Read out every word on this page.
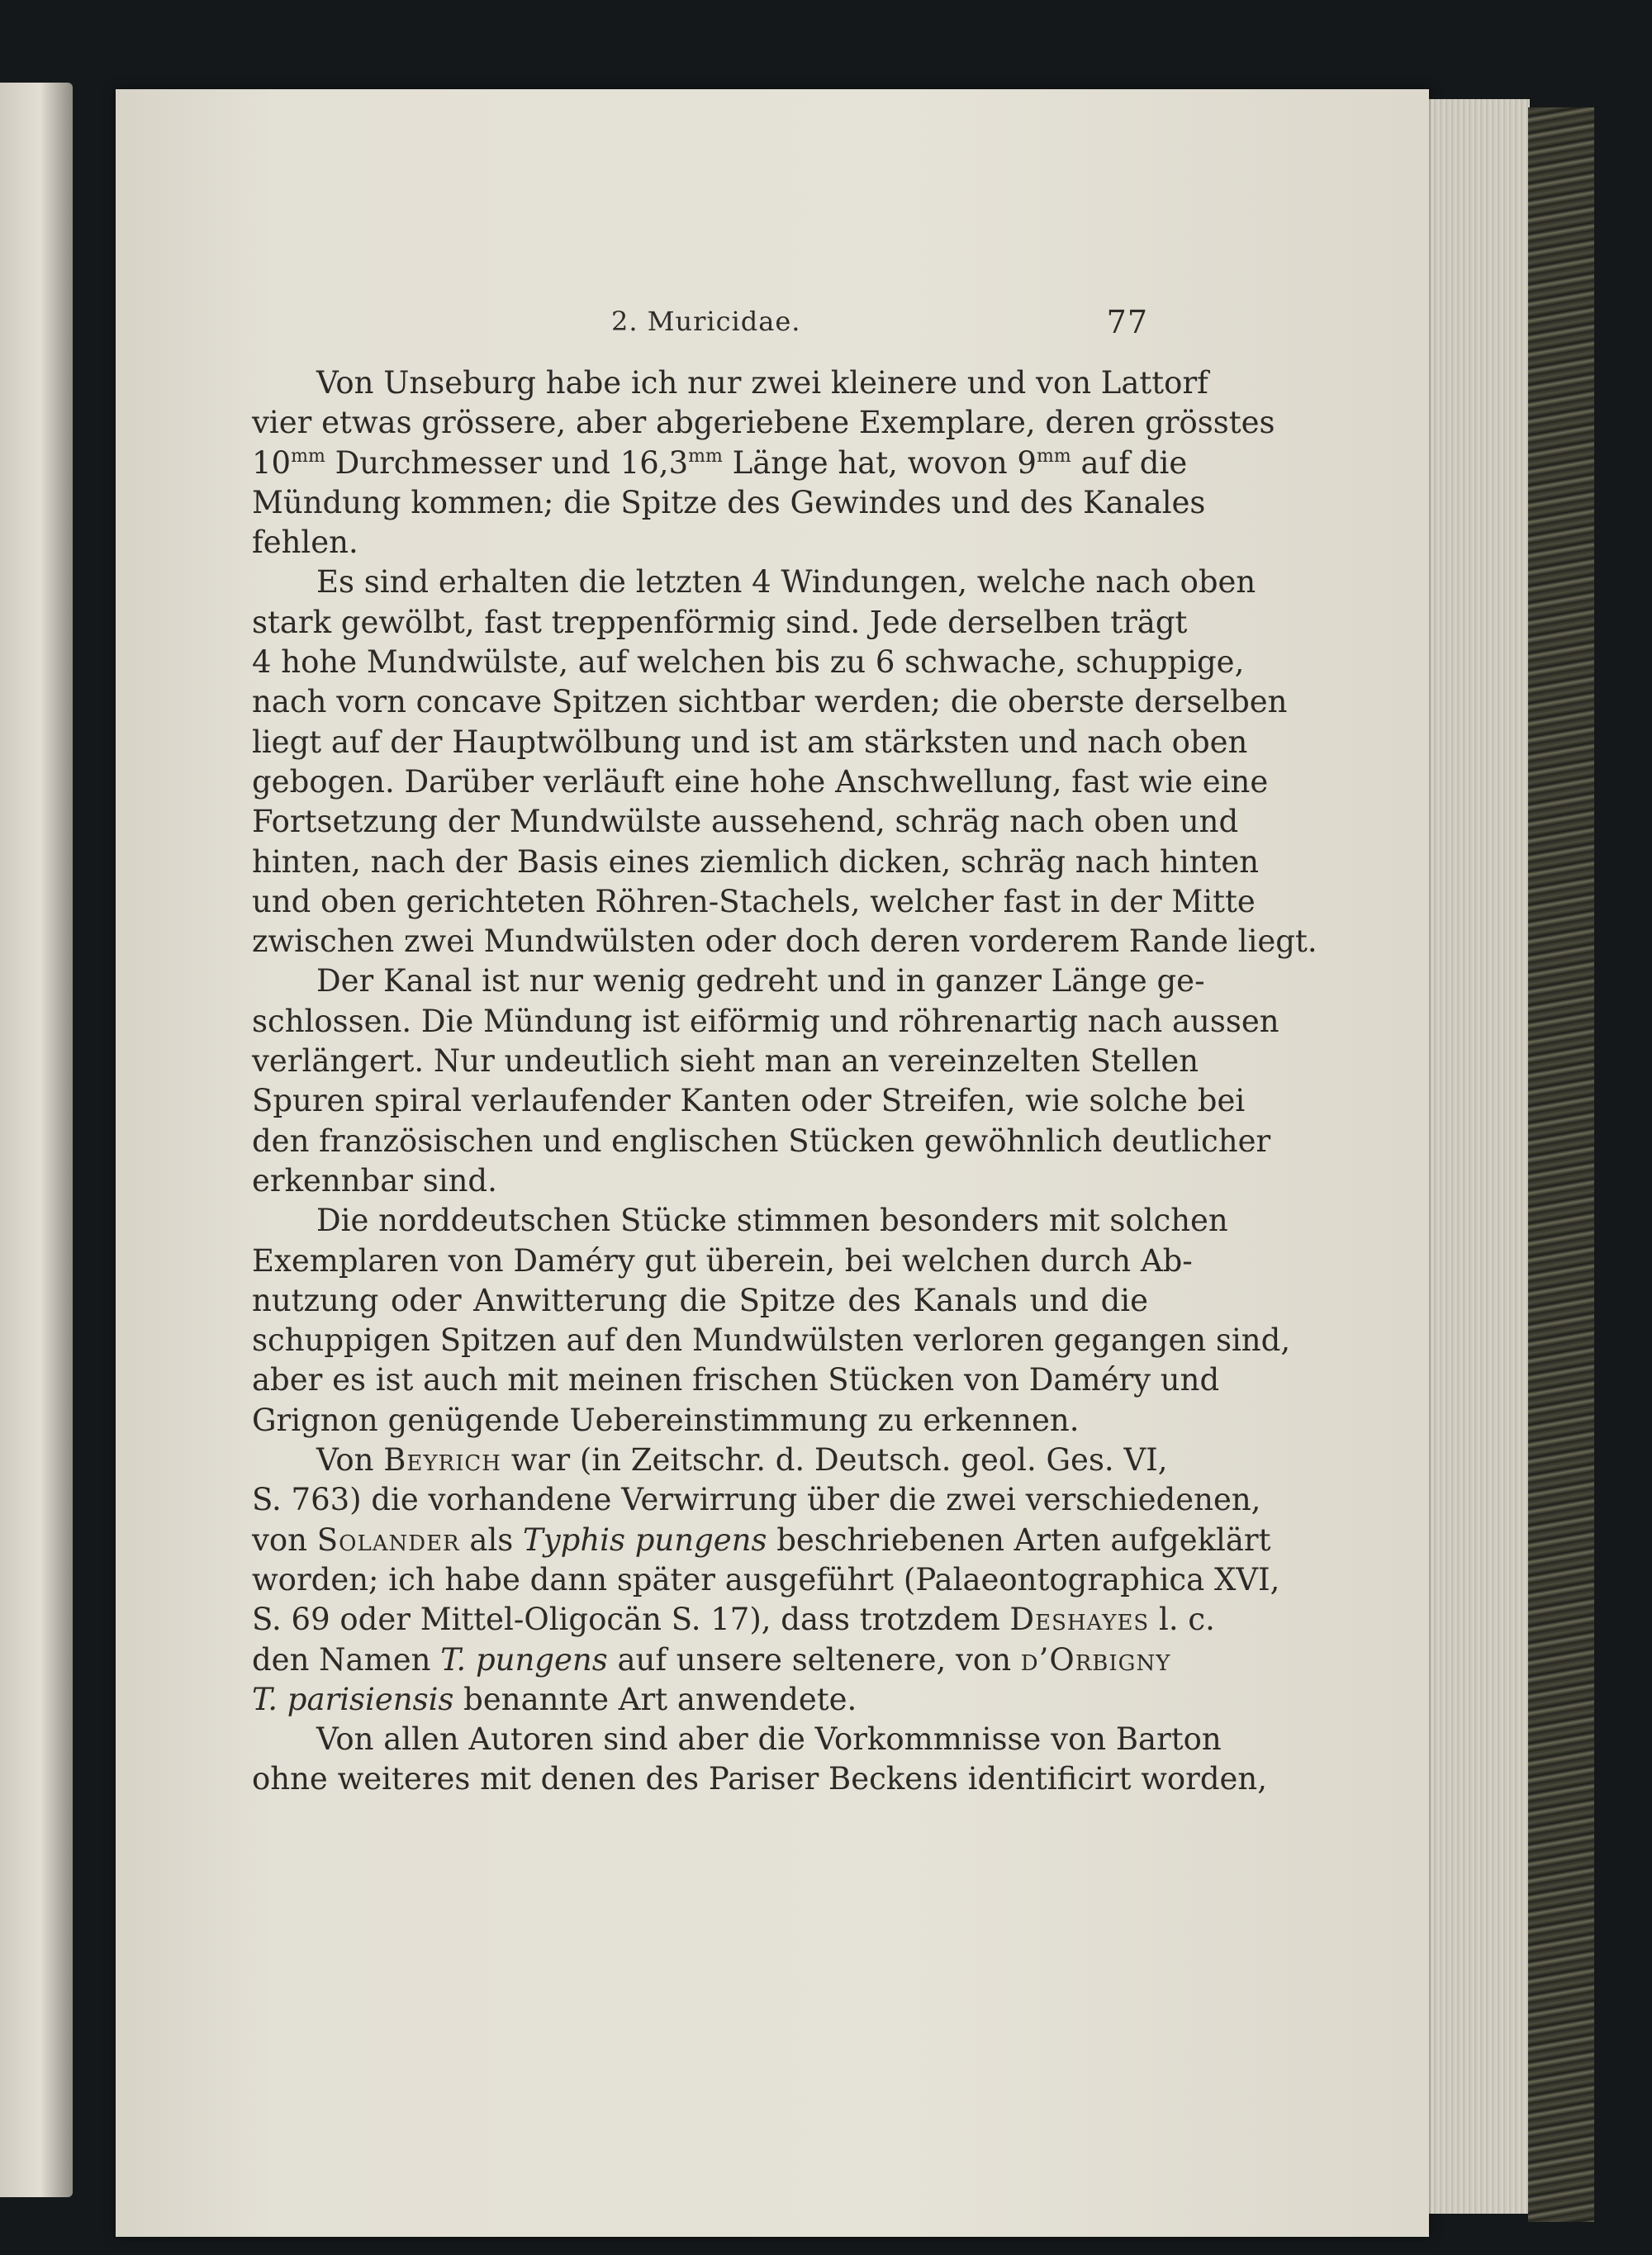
2. Muricidae.	77

Von Unseburg habe ich nur zwei kleinere und von Lattorf
vier etwas grössere, aber abgeriebene Exemplare, deren grösstes
$10^{mm}$ Durchmesser und $16,3^{mm}$ Länge hat, wovon $9^{mm}$ auf die
Mündung kommen; die Spitze des Gewindes und des Kanales
fehlen.

Es sind erhalten die letzten 4 Windungen, welche nach oben
stark gewölbt, fast treppenförmig sind. Jede derselben trägt
4 hohe Mundwülste, auf welchen bis zu 6 schwache, schuppige,
nach vorn concave Spitzen sichtbar werden; die oberste derselben
liegt auf der Hauptwölbung und ist am stärksten und nach oben
gebogen. Darüber verläuft eine hohe Anschwellung, fast wie eine
Fortsetzung der Mundwülste aussehend, schräg nach oben und
hinten, nach der Basis eines ziemlich dicken, schräg nach hinten
und oben gerichteten Röhren-Stachels, welcher fast in der Mitte
zwischen zwei Mundwülsten oder doch deren vorderem Rande liegt.

Der Kanal ist nur wenig gedreht und in ganzer Länge ge-
schlossen. Die Mündung ist eiförmig und röhrenartig nach aussen
verlängert. Nur undeutlich sieht man an vereinzelten Stellen
Spuren spiral verlaufender Kanten oder Streifen, wie solche bei
den französischen und englischen Stücken gewöhnlich deutlicher
erkennbar sind.

Die norddeutschen Stücke stimmen besonders mit solchen
Exemplaren von Daméry gut überein, bei welchen durch Ab-
nutzung oder Anwitterung die Spitze des Kanals und die
schuppigen Spitzen auf den Mundwülsten verloren gegangen sind,
aber es ist auch mit meinen frischen Stücken von Daméry und
Grignon genügende Uebereinstimmung zu erkennen.

Von Beyrich war (in Zeitschr. d. Deutsch. geol. Ges. VI,
S. 763) die vorhandene Verwirrung über die zwei verschiedenen,
von Solander als Typhis pungens beschriebenen Arten aufgeklärt
worden; ich habe dann später ausgeführt (Palaeontographica XVI,
S. 69 oder Mittel-Oligocän S. 17), dass trotzdem Deshayes
den Namen T. pungens auf unsere seltenere, von d’Orbigny
T. parisiensis benannte Art anwendete.

Von allen Autoren sind aber die Vorkommnisse von Barton
ohne weiteres mit denen des Pariser Beckens identificirt worden,
